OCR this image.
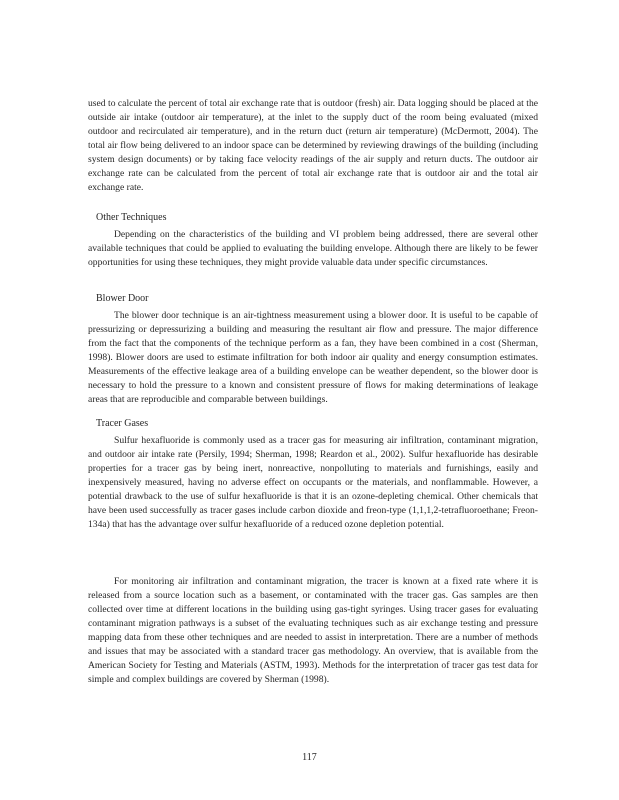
used to calculate the percent of total air exchange rate that is outdoor (fresh) air. Data logging should be placed at the outside air intake (outdoor air temperature), at the inlet to the supply duct of the room being evaluated (mixed outdoor and recirculated air temperature), and in the return duct (return air temperature) (McDermott, 2004). The total air flow being delivered to an indoor space can be determined by reviewing drawings of the building (including system design documents) or by taking face velocity readings of the air supply and return ducts. The outdoor air exchange rate can be calculated from the percent of total air exchange rate that is outdoor air and the total air exchange rate.

Other Techniques

Depending on the characteristics of the building and VI problem being addressed, there are several other available techniques that could be applied to evaluating the building envelope. Although there are likely to be fewer opportunities for using these techniques, they might provide valuable data under specific circumstances.

Blower Door

The blower door technique is an air-tightness measurement using a blower door. It is useful to be capable of pressurizing or depressurizing a building and measuring the resultant air flow and pressure. The major difference from the fact that the components of the technique perform as a fan, they have been combined in a cost (Sherman, 1998). Blower doors are used to estimate infiltration for both indoor air quality and energy consumption estimates. Measurements of the effective leakage area of a building envelope can be weather dependent, so the blower door is necessary to hold the pressure to a known and consistent pressure of flows for making determinations of leakage areas that are reproducible and comparable between buildings.

Tracer Gases

Sulfur hexafluoride is commonly used as a tracer gas for measuring air infiltration, contaminant migration, and outdoor air intake rate (Persily, 1994; Sherman, 1998; Reardon et al., 2002). Sulfur hexafluoride has desirable properties for a tracer gas by being inert, nonreactive, nonpolluting to materials and furnishings, easily and inexpensively measured, having no adverse effect on occupants or the materials, and nonflammable. However, a potential drawback to the use of sulfur hexafluoride is that it is an ozone-depleting chemical. Other chemicals that have been used successfully as tracer gases include carbon dioxide and freon-type (1,1,1,2-tetrafluoroethane; Freon-134a) that has the advantage over sulfur hexafluoride of a reduced ozone depletion potential.

For monitoring air infiltration and contaminant migration, the tracer is known at a fixed rate where it is released from a source location such as a basement, or contaminated with the tracer gas. Gas samples are then collected over time at different locations in the building using gas-tight syringes. Using tracer gases for evaluating contaminant migration pathways is a subset of the evaluating techniques such as air exchange testing and pressure mapping data from these other techniques and are needed to assist in interpretation. There are a number of methods and issues that may be associated with a standard tracer gas methodology. An overview, that is available from the American Society for Testing and Materials (ASTM, 1993). Methods for the interpretation of tracer gas test data for simple and complex buildings are covered by Sherman (1998).

117
